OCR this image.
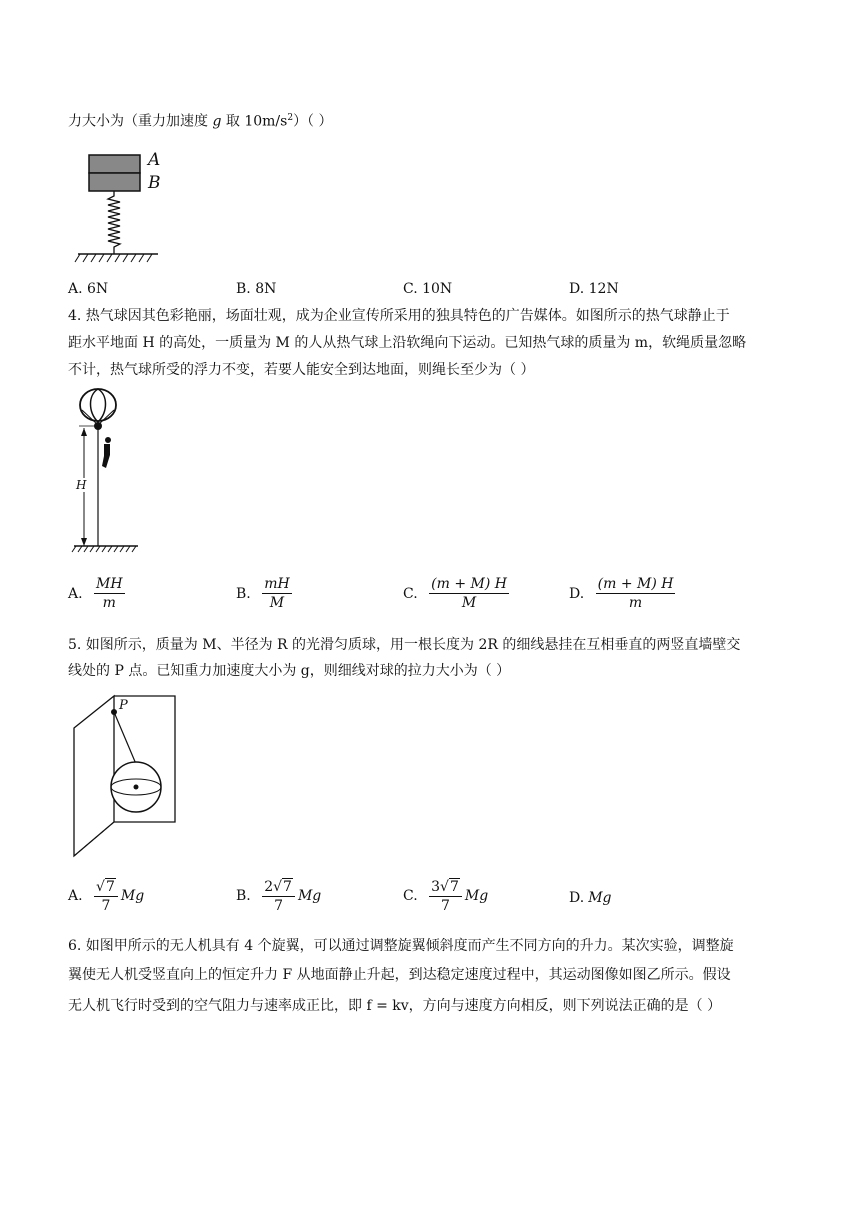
力大小为（重力加速度 g 取 $10m/s^2$）（ ）
A
B
A. 6N	B. 8N	C. 10N	D. 12N
4. 热气球因其色彩艳丽，场面壮观，成为企业宣传所采用的独具特色的广告媒体。如图所示的热气球静止于
距水平地面 H 的高处，一质量为 M 的人从热气球上沿软绳向下运动。已知热气球的质量为 m，软绳质量忽略
不计，热气球所受的浮力不变，若要人能安全到达地面，则绳长至少为（ ）
H
A. $\frac{MH}{m}$	B. $\frac{mH}{M}$	C. $\frac{(m + M) H}{M}$	D. $\frac{(m + M) H}{m}$
5. 如图所示，质量为 M、半径为 R 的光滑匀质球，用一根长度为 2R 的细线悬挂在互相垂直的两竖直墙壁交
线处的 P 点。已知重力加速度大小为 g，则细线对球的拉力大小为（ ）
P
A. $\frac{√7}{7}$ Mg	B. $\frac{2√7}{7}$ Mg	C. $\frac{3√7}{7}$ Mg	D. Mg
6. 如图甲所示的无人机具有 4 个旋翼，可以通过调整旋翼倾斜度而产生不同方向的升力。某次实验，调整旋
翼使无人机受竖直向上的恒定升力 F 从地面静止升起，到达稳定速度过程中，其运动图像如图乙所示。假设
无人机飞行时受到的空气阻力与速率成正比，即 f = kv，方向与速度方向相反，则下列说法正确的是（ ）
